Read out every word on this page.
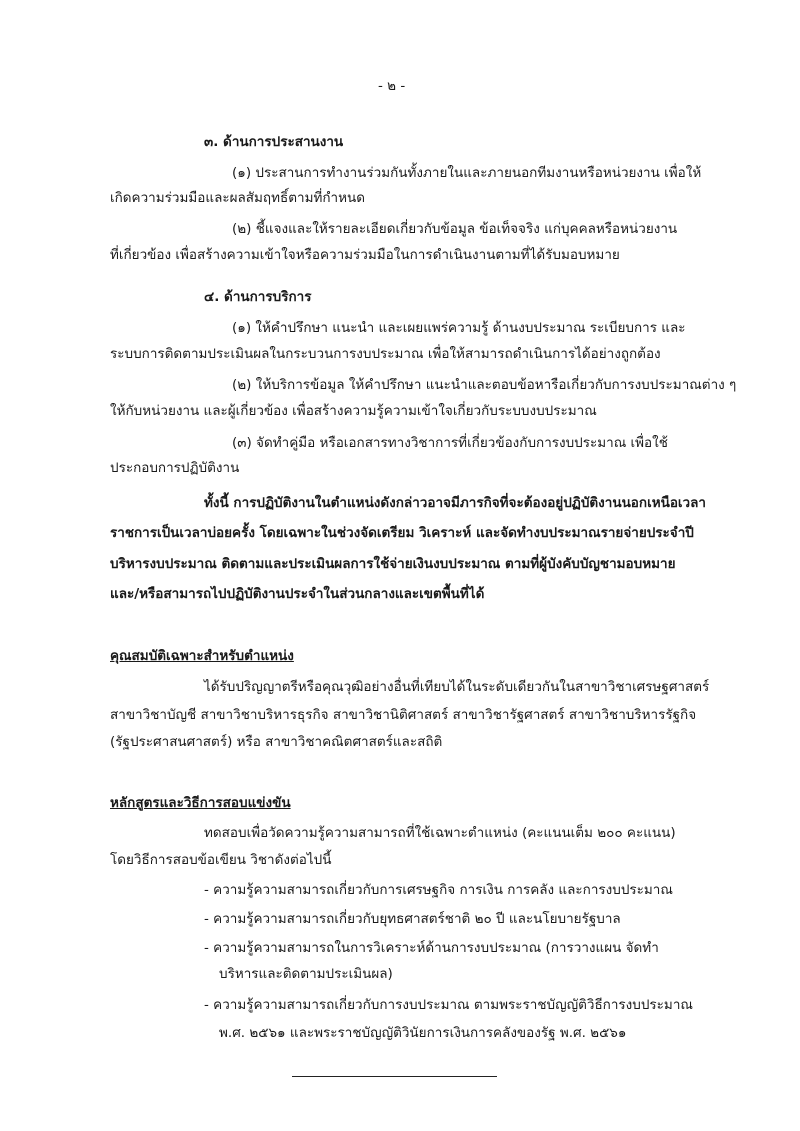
- ๒ -
๓. ด้านการประสานงาน
(๑) ประสานการทำงานร่วมกันทั้งภายในและภายนอกทีมงานหรือหน่วยงาน เพื่อให้
เกิดความร่วมมือและผลสัมฤทธิ์ตามที่กำหนด
(๒) ชี้แจงและให้รายละเอียดเกี่ยวกับข้อมูล ข้อเท็จจริง แก่บุคคลหรือหน่วยงาน
ที่เกี่ยวข้อง เพื่อสร้างความเข้าใจหรือความร่วมมือในการดำเนินงานตามที่ได้รับมอบหมาย
๔. ด้านการบริการ
(๑) ให้คำปรึกษา แนะนำ และเผยแพร่ความรู้ ด้านงบประมาณ ระเบียบการ และ
ระบบการติดตามประเมินผลในกระบวนการงบประมาณ เพื่อให้สามารถดำเนินการได้อย่างถูกต้อง
(๒) ให้บริการข้อมูล ให้คำปรึกษา แนะนำและตอบข้อหารือเกี่ยวกับการงบประมาณต่าง ๆ
ให้กับหน่วยงาน และผู้เกี่ยวข้อง เพื่อสร้างความรู้ความเข้าใจเกี่ยวกับระบบงบประมาณ
(๓) จัดทำคู่มือ หรือเอกสารทางวิชาการที่เกี่ยวข้องกับการงบประมาณ เพื่อใช้
ประกอบการปฏิบัติงาน
ทั้งนี้ การปฏิบัติงานในตำแหน่งดังกล่าวอาจมีภารกิจที่จะต้องอยู่ปฏิบัติงานนอกเหนือเวลา
ราชการเป็นเวลาบ่อยครั้ง โดยเฉพาะในช่วงจัดเตรียม วิเคราะห์ และจัดทำงบประมาณรายจ่ายประจำปี
บริหารงบประมาณ ติดตามและประเมินผลการใช้จ่ายเงินงบประมาณ ตามที่ผู้บังคับบัญชามอบหมาย
และ/หรือสามารถไปปฏิบัติงานประจำในส่วนกลางและเขตพื้นที่ได้
คุณสมบัติเฉพาะสำหรับตำแหน่ง
ได้รับปริญญาตรีหรือคุณวุฒิอย่างอื่นที่เทียบได้ในระดับเดียวกันในสาขาวิชาเศรษฐศาสตร์
สาขาวิชาบัญชี สาขาวิชาบริหารธุรกิจ สาขาวิชานิติศาสตร์ สาขาวิชารัฐศาสตร์ สาขาวิชาบริหารรัฐกิจ
(รัฐประศาสนศาสตร์) หรือ สาขาวิชาคณิตศาสตร์และสถิติ
หลักสูตรและวิธีการสอบแข่งขัน
ทดสอบเพื่อวัดความรู้ความสามารถที่ใช้เฉพาะตำแหน่ง (คะแนนเต็ม ๒๐๐ คะแนน)
โดยวิธีการสอบข้อเขียน วิชาดังต่อไปนี้
- ความรู้ความสามารถเกี่ยวกับการเศรษฐกิจ การเงิน การคลัง และการงบประมาณ
- ความรู้ความสามารถเกี่ยวกับยุทธศาสตร์ชาติ ๒๐ ปี และนโยบายรัฐบาล
- ความรู้ความสามารถในการวิเคราะห์ด้านการงบประมาณ (การวางแผน จัดทำ
บริหารและติดตามประเมินผล)
- ความรู้ความสามารถเกี่ยวกับการงบประมาณ ตามพระราชบัญญัติวิธีการงบประมาณ
พ.ศ. ๒๕๖๑ และพระราชบัญญัติวินัยการเงินการคลังของรัฐ พ.ศ. ๒๕๖๑
